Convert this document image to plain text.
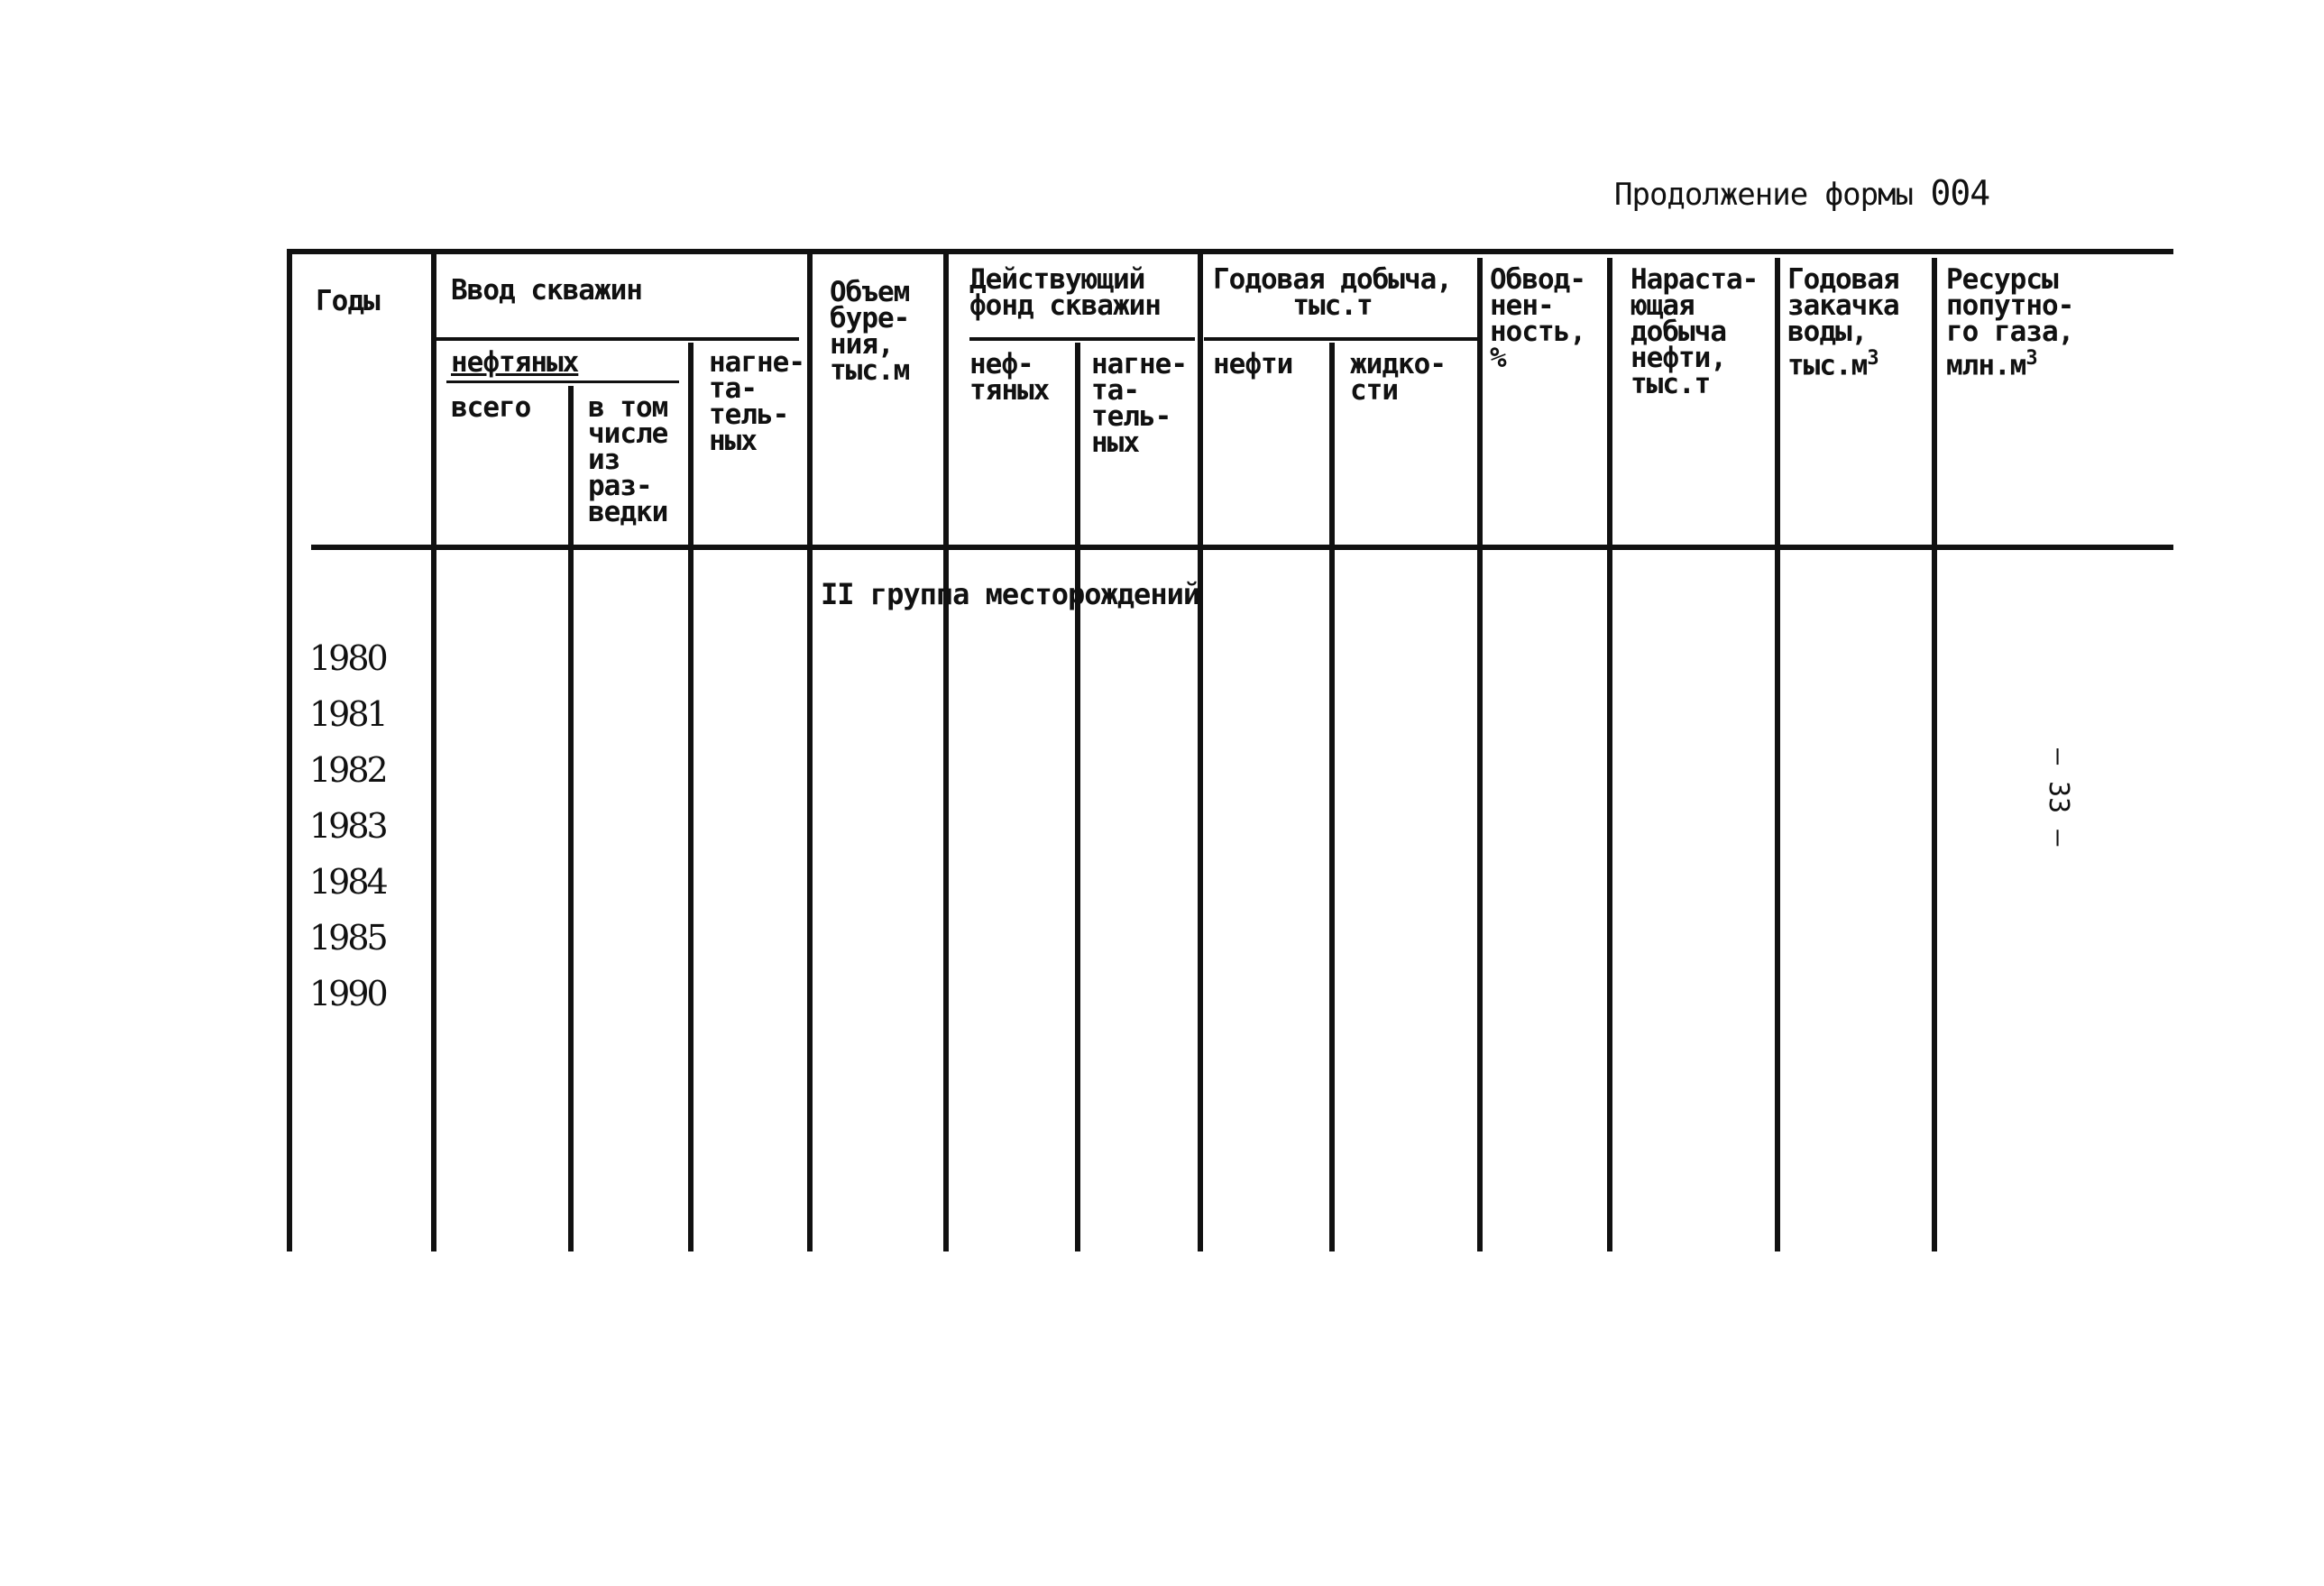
Продолжение формы 004
Годы	Ввод скважин
нефтяных
всего в том
числе
из
раз-
ведки
нагне-
та-
тель-
ных
Объем
буре-
ния,
тыс.м
Действующий
фонд скважин
неф-
тяных
нагне-
та-
тель-
ных
Годовая добыча,
тыс.т
нефти жидко-
сти
Обвод-
нен-
ность,
%
Нараста-
ющая
добыча
нефти,
тыс.т
Годовая
закачка
воды,
$тыс.м^3$
Ресурсы
попутно-
го газа,
$млн.м^3$
II группа месторождений
1980
1981
1982
1983
1984
1985
1990
– 33 –
